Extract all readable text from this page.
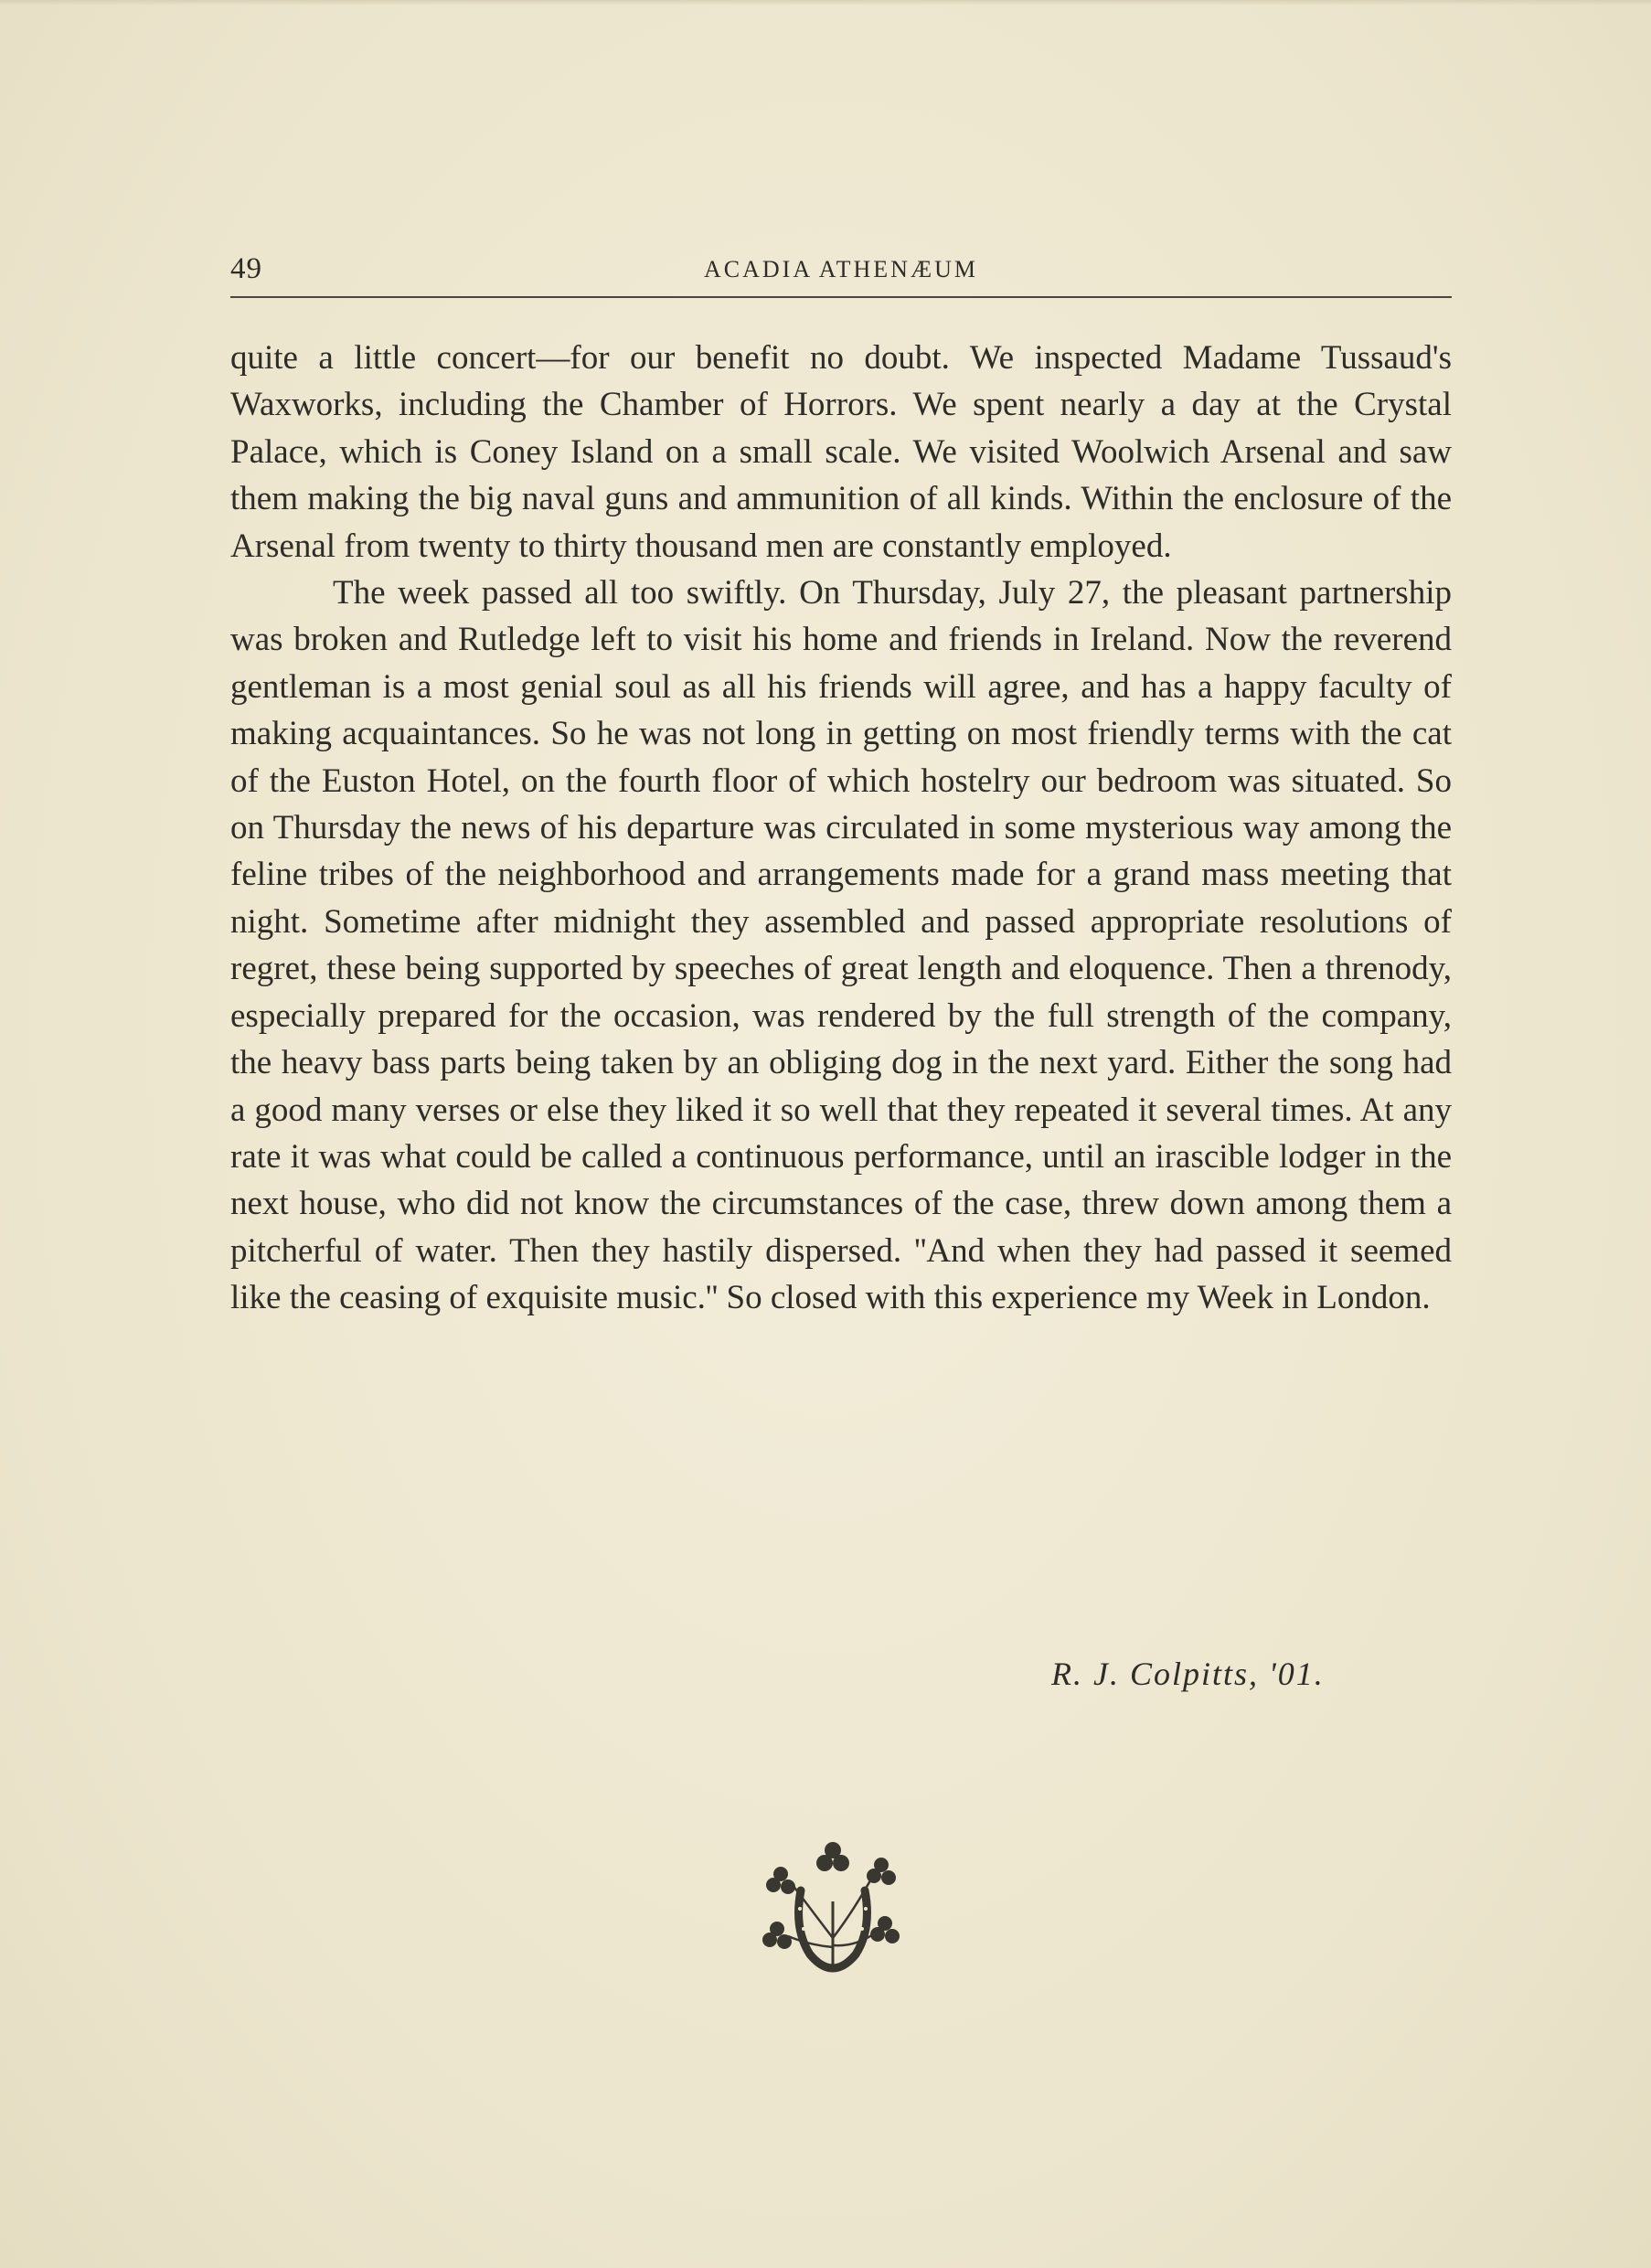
49	ACADIA ATHENÆUM

quite a little concert—for our benefit no doubt. We inspected Madame Tussaud's Waxworks, including the Chamber of Horrors. We spent nearly a day at the Crystal Palace, which is Coney Island on a small scale. We visited Woolwich Arsenal and saw them making the big naval guns and ammunition of all kinds. Within the enclosure of the Arsenal from twenty to thirty thousand men are constantly employed.

The week passed all too swiftly. On Thursday, July 27, the pleasant partnership was broken and Rutledge left to visit his home and friends in Ireland. Now the reverend gentleman is a most genial soul as all his friends will agree, and has a happy faculty of making acquaintances. So he was not long in getting on most friendly terms with the cat of the Euston Hotel, on the fourth floor of which hostelry our bedroom was situated. So on Thursday the news of his departure was circulated in some mysterious way among the feline tribes of the neighborhood and arrangements made for a grand mass meeting that night. Sometime after midnight they assembled and passed appropriate resolutions of regret, these being supported by speeches of great length and eloquence. Then a threnody, especially prepared for the occasion, was rendered by the full strength of the company, the heavy bass parts being taken by an obliging dog in the next yard. Either the song had a good many verses or else they liked it so well that they repeated it several times. At any rate it was what could be called a continuous performance, until an irascible lodger in the next house, who did not know the circumstances of the case, threw down among them a pitcherful of water. Then they hastily dispersed. ''And when they had passed it seemed like the ceasing of exquisite music.'' So closed with this experience my Week in London.

R. J. Colpitts, '01.
